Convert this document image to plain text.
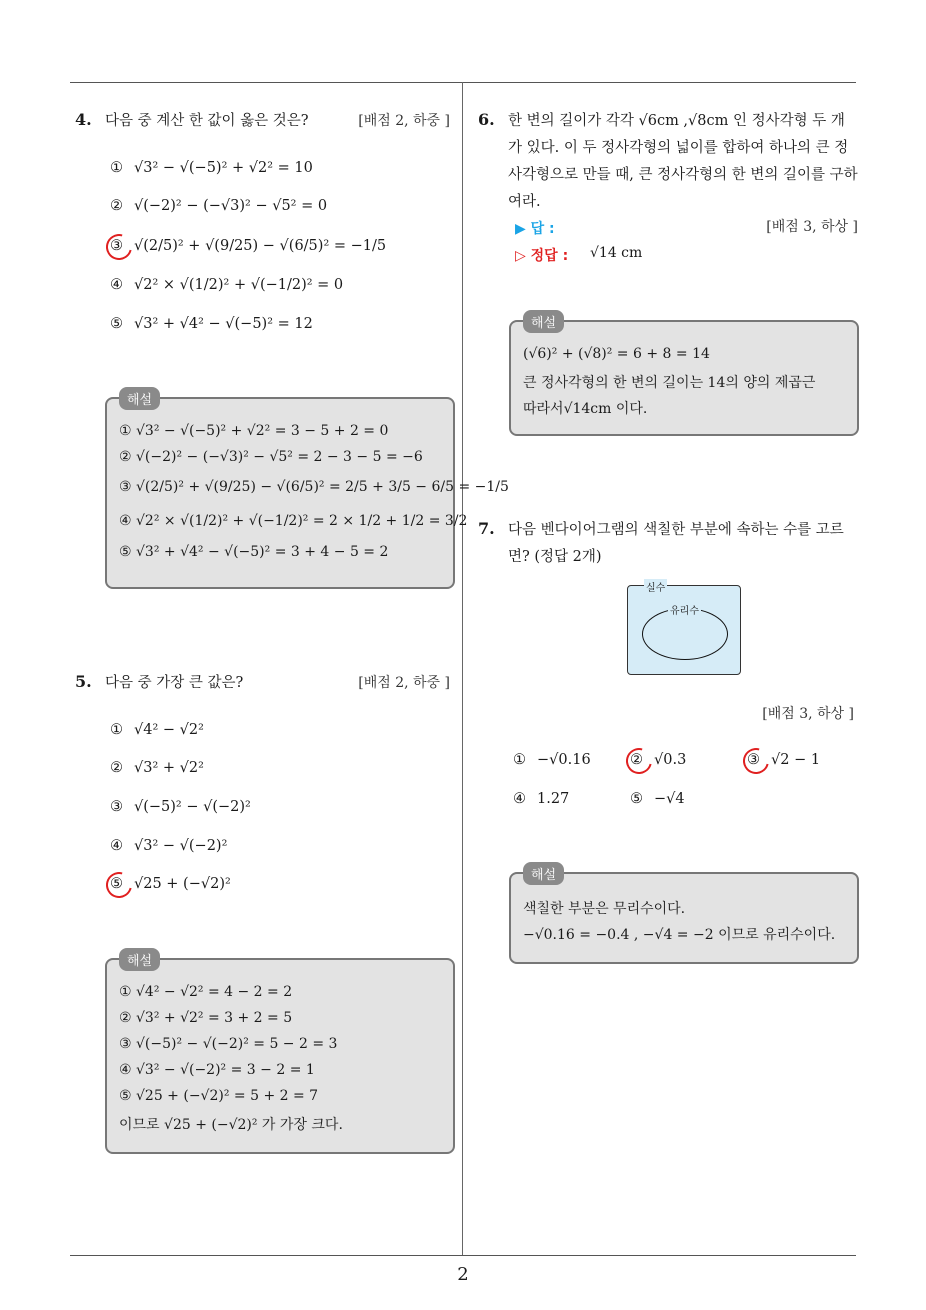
4. 다음 중 계산 한 값이 옳은 것은?	[배점 2, 하중 ]
① √3² − √(−5)² + √2² = 10
② √(−2)² − (−√3)² − √5² = 0
③ √(2/5)² + √(9/25) − √(6/5)² = −1/5
④ √2² × √(1/2)² + √(−1/2)² = 0
⑤ √3² + √4² − √(−5)² = 12
해설
① √3² − √(−5)² + √2² = 3 − 5 + 2 = 0
② √(−2)² − (−√3)² − √5² = 2 − 3 − 5 = −6
③ √(2/5)² + √(9/25) − √(6/5)² = 2/5 + 3/5 − 6/5 = −1/5
④ √2² × √(1/2)² + √(−1/2)² = 2 × 1/2 + 1/2 = 3/2
⑤ √3² + √4² − √(−5)² = 3 + 4 − 5 = 2
5. 다음 중 가장 큰 값은?	[배점 2, 하중 ]
① √4² − √2²
② √3² + √2²
③ √(−5)² − √(−2)²
④ √3² − √(−2)²
⑤ √25 + (−√2)²
해설
① √4² − √2² = 4 − 2 = 2
② √3² + √2² = 3 + 2 = 5
③ √(−5)² − √(−2)² = 5 − 2 = 3
④ √3² − √(−2)² = 3 − 2 = 1
⑤ √25 + (−√2)² = 5 + 2 = 7
이므로 √25 + (−√2)² 가 가장 크다.
6. 한 변의 길이가 각각 √6cm ,√8cm 인 정사각형 두 개가 있다. 이 두 정사각형의 넓이를 합하여 하나의 큰 정사각형으로 만들 때, 큰 정사각형의 한 변의 길이를 구하여라.
[배점 3, 하상 ]
▶ 답 :
▷ 정답 : √14 cm
해설
(√6)² + (√8)² = 6 + 8 = 14
큰 정사각형의 한 변의 길이는 14의 양의 제곱근
따라서√14cm 이다.
7. 다음 벤다이어그램의 색칠한 부분에 속하는 수를 고르면? (정답 2개)
실수
유리수
[배점 3, 하상 ]
① −√0.16	② √0.3	③ √2 − 1
④ 1.27	⑤ −√4
해설
색칠한 부분은 무리수이다.
−√0.16 = −0.4 , −√4 = −2 이므로 유리수이다.
2
